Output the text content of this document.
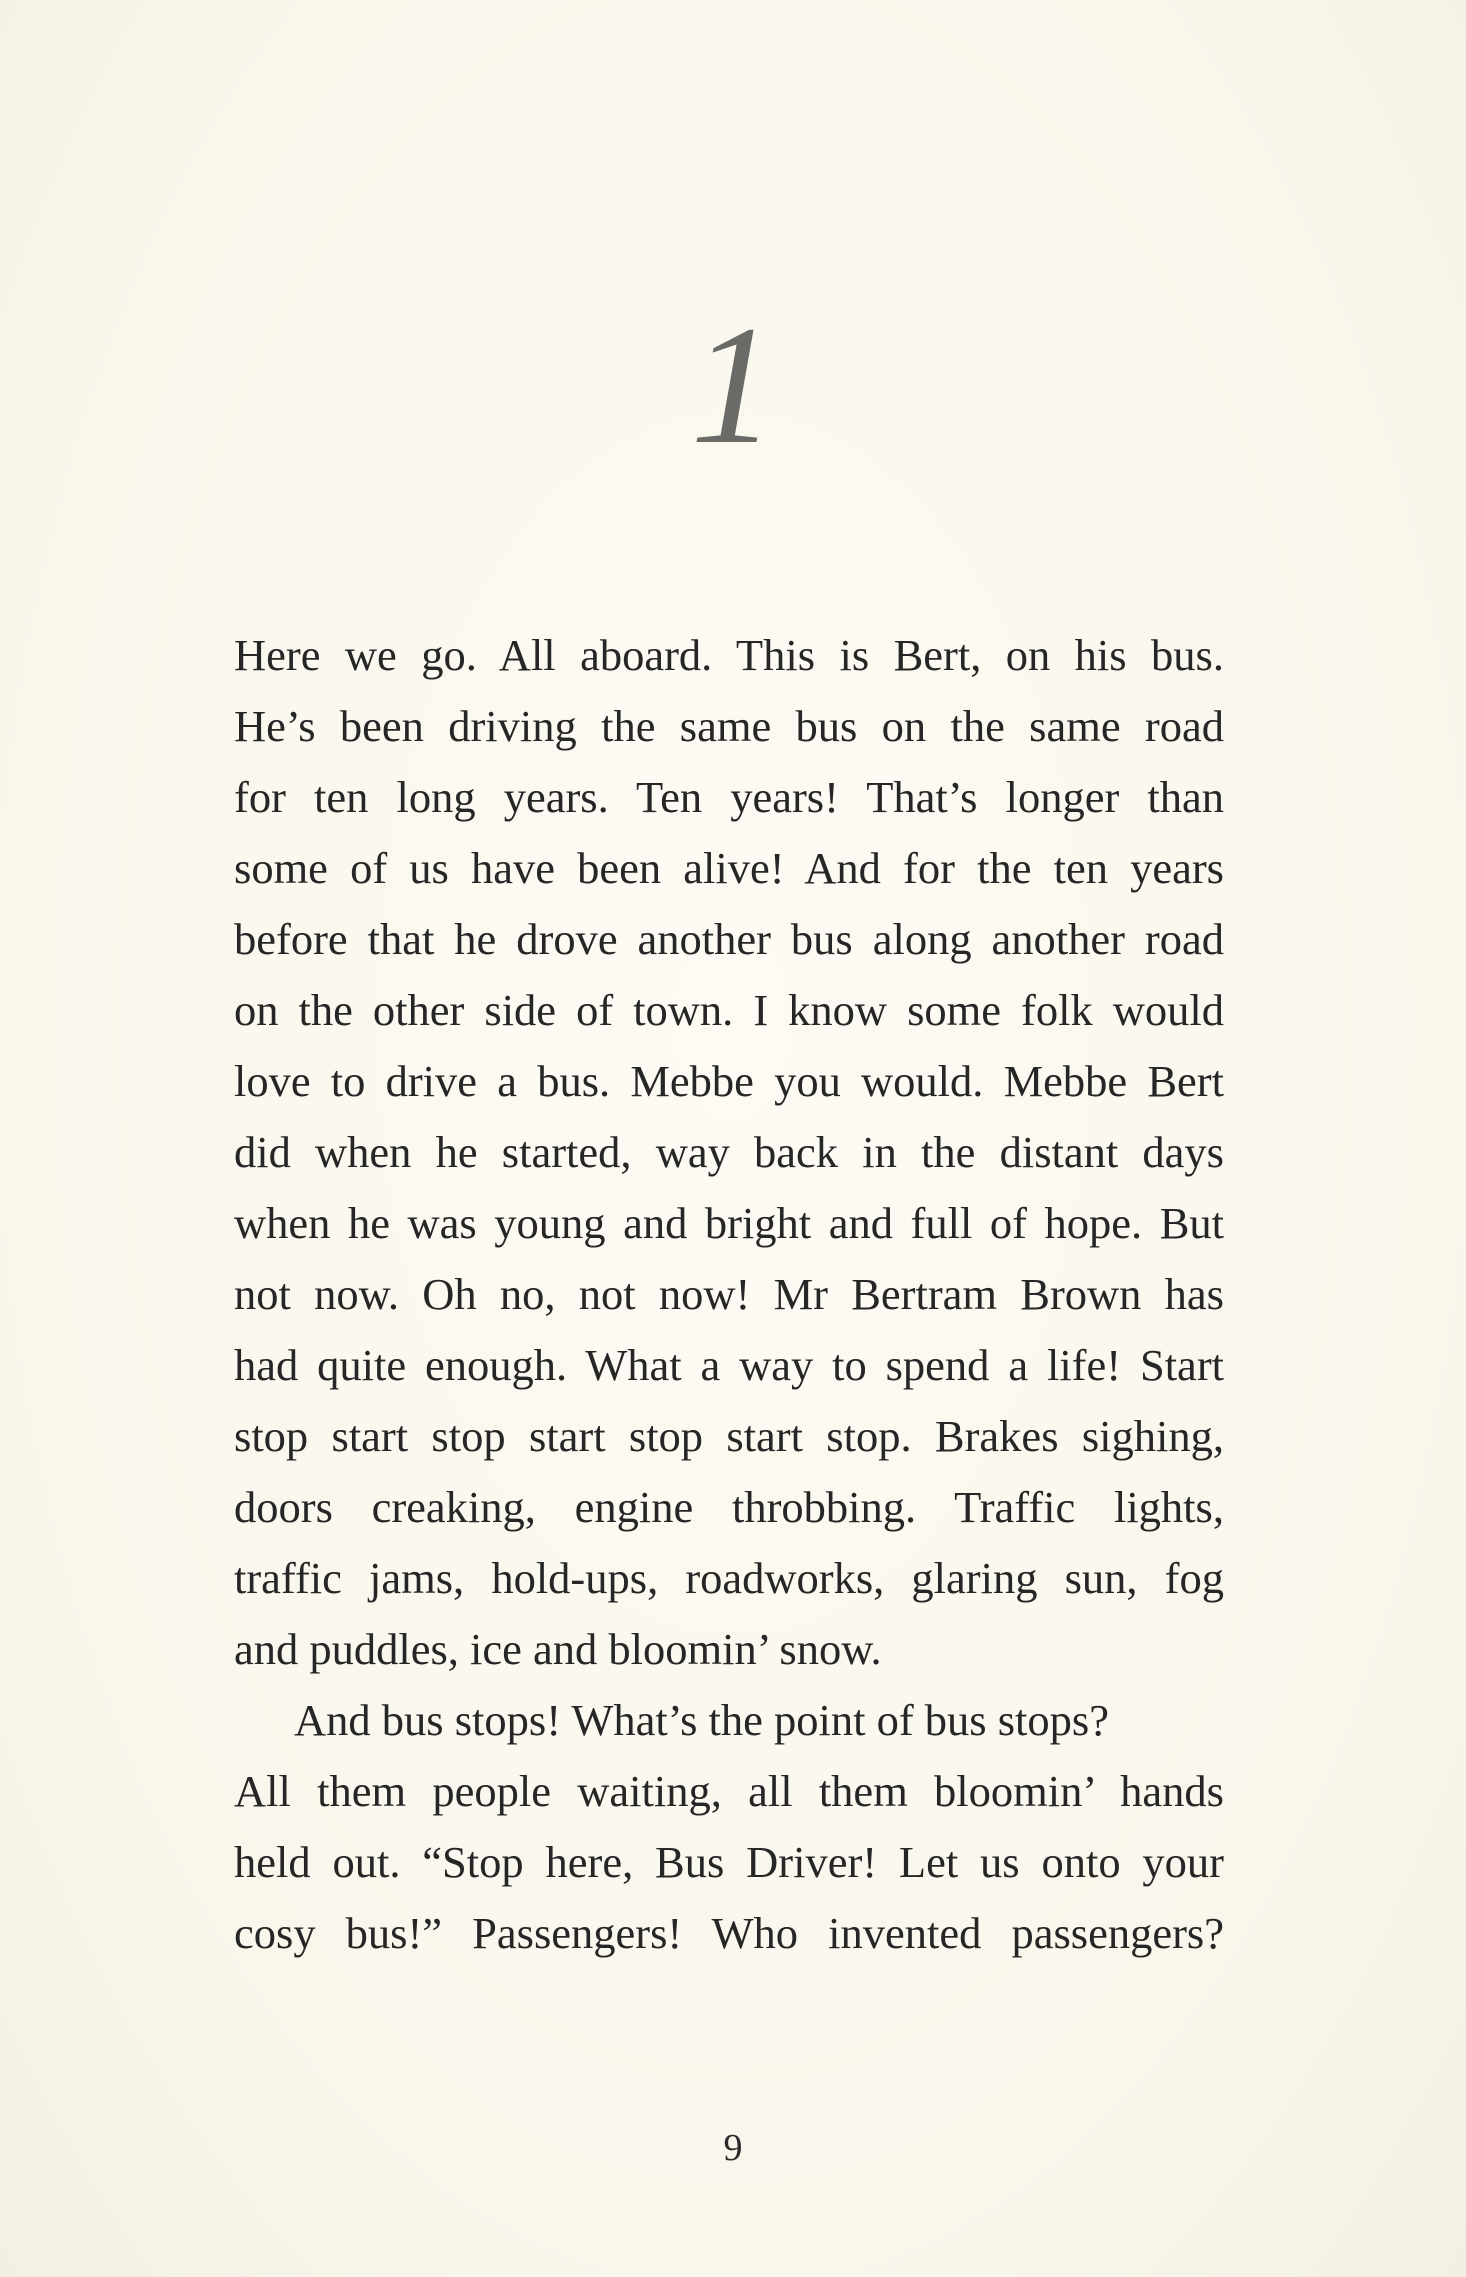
1

Here we go. All aboard. This is Bert, on his bus.
He’s been driving the same bus on the same road
for ten long years. Ten years! That’s longer than
some of us have been alive! And for the ten years
before that he drove another bus along another road
on the other side of town. I know some folk would
love to drive a bus. Mebbe you would. Mebbe Bert
did when he started, way back in the distant days
when he was young and bright and full of hope. But
not now. Oh no, not now! Mr Bertram Brown has
had quite enough. What a way to spend a life! Start
stop start stop start stop start stop. Brakes sighing,
doors creaking, engine throbbing. Traffic lights,
traffic jams, hold-ups, roadworks, glaring sun, fog
and puddles, ice and bloomin’ snow.

And bus stops! What’s the point of bus stops?
All them people waiting, all them bloomin’ hands
held out. “Stop here, Bus Driver! Let us onto your
cosy bus!” Passengers! Who invented passengers?

9
